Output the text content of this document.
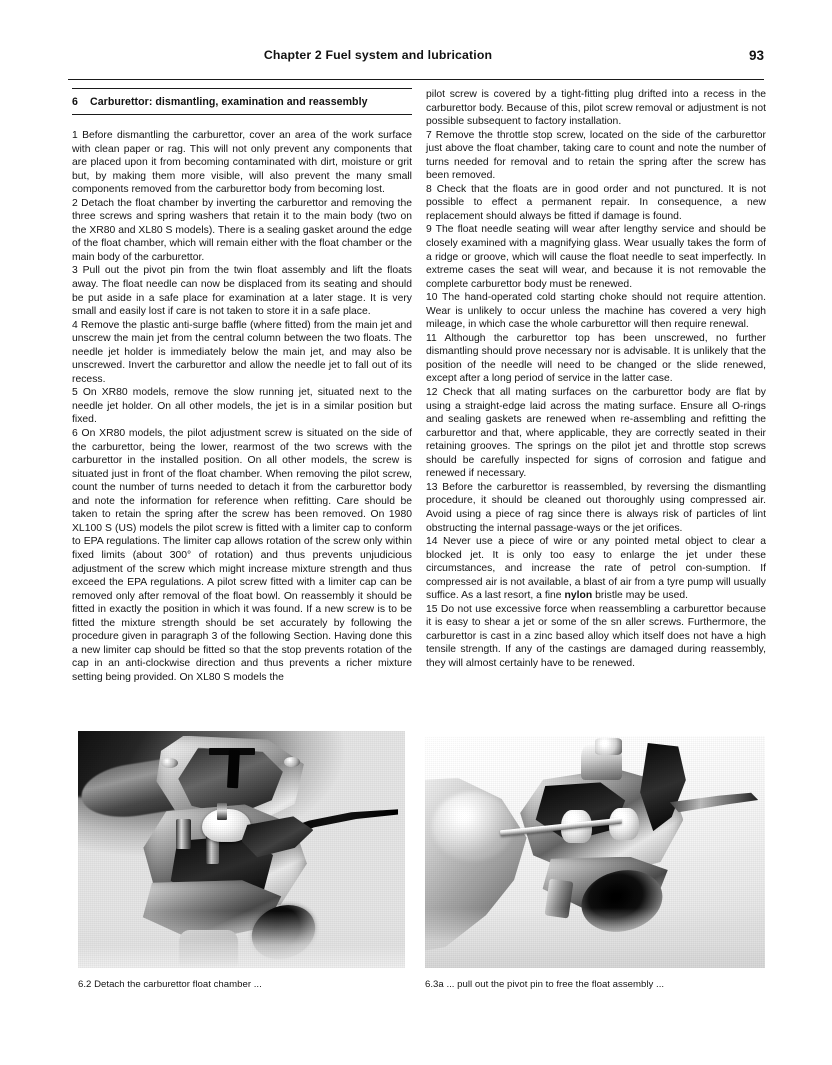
Chapter 2 Fuel system and lubrication	93
6 Carburettor: dismantling, examination and reassembly

1 Before dismantling the carburettor, cover an area of the work surface with clean paper or rag. This will not only prevent any components that are placed upon it from becoming contaminated with dirt, moisture or grit but, by making them more visible, will also prevent the many small components removed from the carburettor body from becoming lost.

2 Detach the float chamber by inverting the carburettor and removing the three screws and spring washers that retain it to the main body (two on the XR80 and XL80 S models). There is a sealing gasket around the edge of the float chamber, which will remain either with the float chamber or the main body of the carburettor.

3 Pull out the pivot pin from the twin float assembly and lift the floats away. The float needle can now be displaced from its seating and should be put aside in a safe place for examination at a later stage. It is very small and easily lost if care is not taken to store it in a safe place.

4 Remove the plastic anti-surge baffle (where fitted) from the main jet and unscrew the main jet from the central column between the two floats. The needle jet holder is immediately below the main jet, and may also be unscrewed. Invert the carburettor and allow the needle jet to fall out of its recess.

5 On XR80 models, remove the slow running jet, situated next to the needle jet holder. On all other models, the jet is in a similar position but fixed.

6 On XR80 models, the pilot adjustment screw is situated on the side of the carburettor, being the lower, rearmost of the two screws with the carburettor in the installed position. On all other models, the screw is situated just in front of the float chamber. When removing the pilot screw, count the number of turns needed to detach it from the carburettor body and note the information for reference when refitting. Care should be taken to retain the spring after the screw has been removed. On 1980 XL100 S (US) models the pilot screw is fitted with a limiter cap to conform to EPA regulations. The limiter cap allows rotation of the screw only within fixed limits (about 300° of rotation) and thus prevents unjudicious adjustment of the screw which might increase mixture strength and thus exceed the EPA regulations. A pilot screw fitted with a limiter cap can be removed only after removal of the float bowl. On reassembly it should be fitted in exactly the position in which it was found. If a new screw is to be fitted the mixture strength should be set accurately by following the procedure given in paragraph 3 of the following Section. Having done this a new limiter cap should be fitted so that the stop prevents rotation of the cap in an anti-clockwise direction and thus prevents a richer mixture setting being provided. On XL80 S models the

pilot screw is covered by a tight-fitting plug drifted into a recess in the carburettor body. Because of this, pilot screw removal or adjustment is not possible subsequent to factory installation.

7 Remove the throttle stop screw, located on the side of the carburettor just above the float chamber, taking care to count and note the number of turns needed for removal and to retain the spring after the screw has been removed.

8 Check that the floats are in good order and not punctured. It is not possible to effect a permanent repair. In consequence, a new replacement should always be fitted if damage is found.

9 The float needle seating will wear after lengthy service and should be closely examined with a magnifying glass. Wear usually takes the form of a ridge or groove, which will cause the float needle to seat imperfectly. In extreme cases the seat will wear, and because it is not removable the complete carburettor body must be renewed.

10 The hand-operated cold starting choke should not require attention. Wear is unlikely to occur unless the machine has covered a very high mileage, in which case the whole carburettor will then require renewal.

11 Although the carburettor top has been unscrewed, no further dismantling should prove necessary nor is advisable. It is unlikely that the position of the needle will need to be changed or the slide renewed, except after a long period of service in the latter case.

12 Check that all mating surfaces on the carburettor body are flat by using a straight-edge laid across the mating surface. Ensure all O-rings and sealing gaskets are renewed when re-assembling and refitting the carburettor and that, where applicable, they are correctly seated in their retaining grooves. The springs on the pilot jet and throttle stop screws should be carefully inspected for signs of corrosion and fatigue and renewed if necessary.

13 Before the carburettor is reassembled, by reversing the dismantling procedure, it should be cleaned out thoroughly using compressed air. Avoid using a piece of rag since there is always risk of particles of lint obstructing the internal passage-ways or the jet orifices.

14 Never use a piece of wire or any pointed metal object to clear a blocked jet. It is only too easy to enlarge the jet under these circumstances, and increase the rate of petrol con-sumption. If compressed air is not available, a blast of air from a tyre pump will usually suffice. As a last resort, a fine nylon bristle may be used.

15 Do not use excessive force when reassembling a carburettor because it is easy to shear a jet or some of the sn aller screws. Furthermore, the carburettor is cast in a zinc based alloy which itself does not have a high tensile strength. If any of the castings are damaged during reassembly, they will almost certainly have to be renewed.

6.2 Detach the carburettor float chamber ...	6.3a ... pull out the pivot pin to free the float assembly ...
